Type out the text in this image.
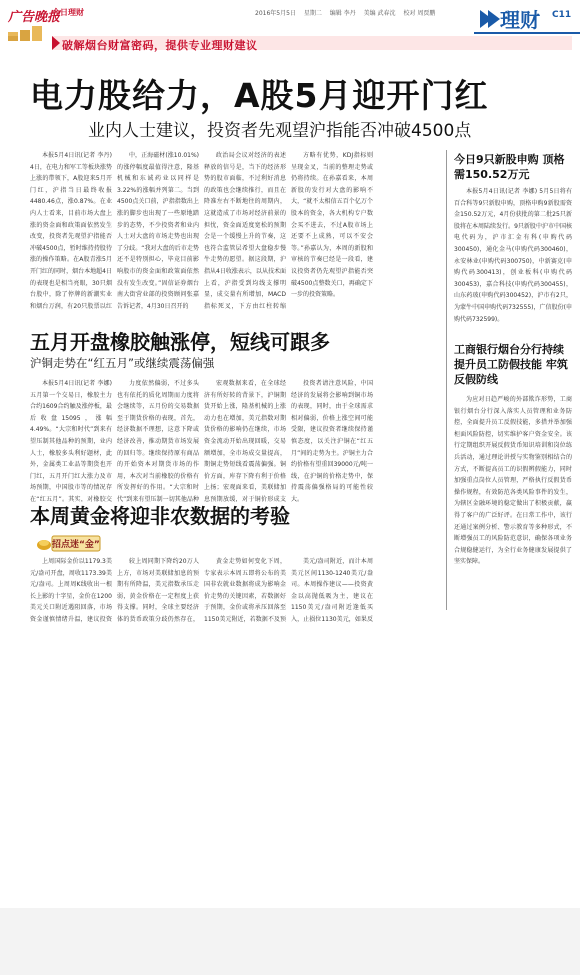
广告晚报
今日理财
破解烟台财富密码，提供专业理财建议
2016年5月5日 星期二 编辑 李丹 美编 武春沈 校对 周贾鹏	理财 C11
电力股给力，A股5月迎开门红
业内人士建议，投资者先观望沪指能否冲破4500点
本报5月4日讯(记者 李丹) 4日，在电力和军工等板块涨势上涨的带领下，A股迎来5月开门红，沪指当日最终收报4480.46点，涨0.87%。在业内人士看来，目前市场大盘上涨的资金面和政策面依然发生改变，投资者先观望沪指能否冲破4500点，暂时维持持股待涨的操作策略。在A股青涨5月开门红的同时，烟台本地超4日的表现也是相当亮眼，30只烟台股中，除了停牌的新潮实业和烟台万润，有20只股票以红
中，正海磁材(涨10.01%)的涨停幅度最值得注意，隆基机械和东诚药业以同样是3.22%的涨幅并列第二。当到4500点关口前，沪指指数出上涨的脚步也出现了一些原地踏步的态势，不少投资者和业内人士对大盘的市场走势也出现了分歧。“我对大盘的后市走势还不是特别担心，毕竟目前影响股市的资金面和政策面依然没有发生改变。”固信证券烟台南大街营业部的投资顾问张嘉告诉记者，4月30日召开的
政治局会议对经济的表述释放的信号是，当下的经济形势的股市面临，不过利好消息的政策也会继续推行，而且在降准左右不断地往的周期内，这就造成了市场对经济前景的担忧，资金面适度宽松的预期会是一个缓慢上升的节奏，这也符合监管层希望大盘稳步慢牛走势的愿望。据这段期，沪指从4日收涨表示，以从技术面上看，沪指受到均线支撑明显，成交量有所增加，MACD指标死叉，下方由红柱转缩
方略有优势，KDJ指标则呈现金叉，当前的整理走势或仍将持续。在孙嘉看来，本周新股的发行对大盘的影响不大，“就不太相信五百个亿万个股本的资金，各大机构专户数会买不进去，不过A股市场上还要不上成熟，可以不安会等。”孙嘉认为，本周的新股和审核的节奏已经是一段看，建议投资者仍先观望沪指能否突破4500点整数关口，再确定下一步的投资策略。
五月开盘橡胶触涨停，短线可跟多
沪铜走势在“红五月”或继续震荡偏强
本报5月4日讯(记者 李娜) 五月第一个交易日，橡胶主力合约1609合约触及涨停板，最后收盘15095，涨幅4.49%。“大宗和时代”到来有望压制其他品种的预期，业内人士，橡胶多头利好题材，此外，金属类工业品等期货也开门红，五月开门红大涨力及市场预期，中国股市等的情况存在“红五月”。其实，对橡胶交
力度依然偏弱，不过多头也有依托的质化周期而力度将会继续等，五月份的交易数据至于期货价格的表现，首先，经济数据不理想，这意下降或经济改善，推动期货市场发展的回归等。继续保持原有商品的开始资本对期货市场的作用，本次对当前橡胶的价格有所发挥好的作用。“大宗和时代”到来有望压制一切其他品种
宏观数据来看，在全球经济有所好转的背景下，沪铜期货开始上涨，隆基机械的上涨动力也在增加，美元指数对期货价格的影响仍在继续，市场资金流动开始出现回暖，交易额增加，全市场成交量提高，期铜走势短线看震荡偏强。铜价方面，库存下降有利于价格上扬；宏观面来看，美联储加息预期放缓，对于铜价形成支
投资者请注意风险，中国经济的发展将会影响到铜市场的表现，同时，由于全球需求相对偏弱，价格上涨空间可能受限，建议投资者继续保持谨慎态度，以关注沪铜在“红五月”间的走势为主。沪铜主力合约价格有望重回39000元/吨一线，在沪铜的价格走势中，保持震荡偏强格局的可能性较大。
本周黄金将迎非农数据的考验
招点迷“金”
上周国际金价以1179.3美元/盎司开盘，周收1173.39美元/盎司。上周周K线收出一根长上影的十字星，金价在1200美元关口附近遇阻回落，市场资金谨慎情绪升温，建议投资
较上周同期下降约20万人上方，市场对美联储加息的预期有所降温，美元指数承压走弱，黄金价格在一定程度上获得支撑。同时，全球主要经济体的货币政策分歧仍然存在，
黄金走势如何变化下周，专家表示本周五即将公布的美国非农就业数据将成为影响金价走势的关键因素，若数据好于预期，金价或将承压回落至1150美元附近，若数据不及预
美元/盎司附近，而计本周美元区间1130-1240美元/盎司。本周操作建议——投资黄金以高抛低吸为主，建议在1150美元/盎司附近逢低买入，止损位1130美元，如果反
今日9只新股申购 顶格需150.52万元
本报5月4日讯(记者 李娜) 5月5日将有百合科等9只新股申购，顶格申购9新股需资金150.52万元，4月份获批的第二批25只新股将在本周陆续发行。9只新股中沪市中国核电代码为，沪市汇金有科(申购代码300450)，通化金马(申购代码300460)，永安林业(申购代码300750)，中新赛克(申购代码300413)，创业板科(申购代码300453)，嘉合科技(申购代码300455)，山东药玻(申购代码300452)，沪市有2只，为蒙牛中国申购代码732555)，广信股份(申购代码732599)。
工商银行烟台分行持续提升员工防假技能 牢筑反假防线
为应对日趋严峻的外部欺诈形势，工商银行烟台分行深入落实人员管理和业务防控，全面提升员工反假技能，多措并举加强柜面风险防控，切实维护客户资金安全。该行定期组织开展反假货币知识培训和岗位练兵活动，通过理论讲授与实物鉴别相结合的方式，不断提高员工的识假辨假能力，同时加强重点岗位人员管理，严格执行反假货币操作规程，有效防范各类风险事件的发生，为辖区金融环境的稳定做出了积极贡献，赢得了客户的广泛好评。在日常工作中，该行还通过案例分析、警示教育等多种形式，不断增强员工的风险防范意识，确保各项业务合规稳健运行，为全行业务健康发展提供了坚实保障。
